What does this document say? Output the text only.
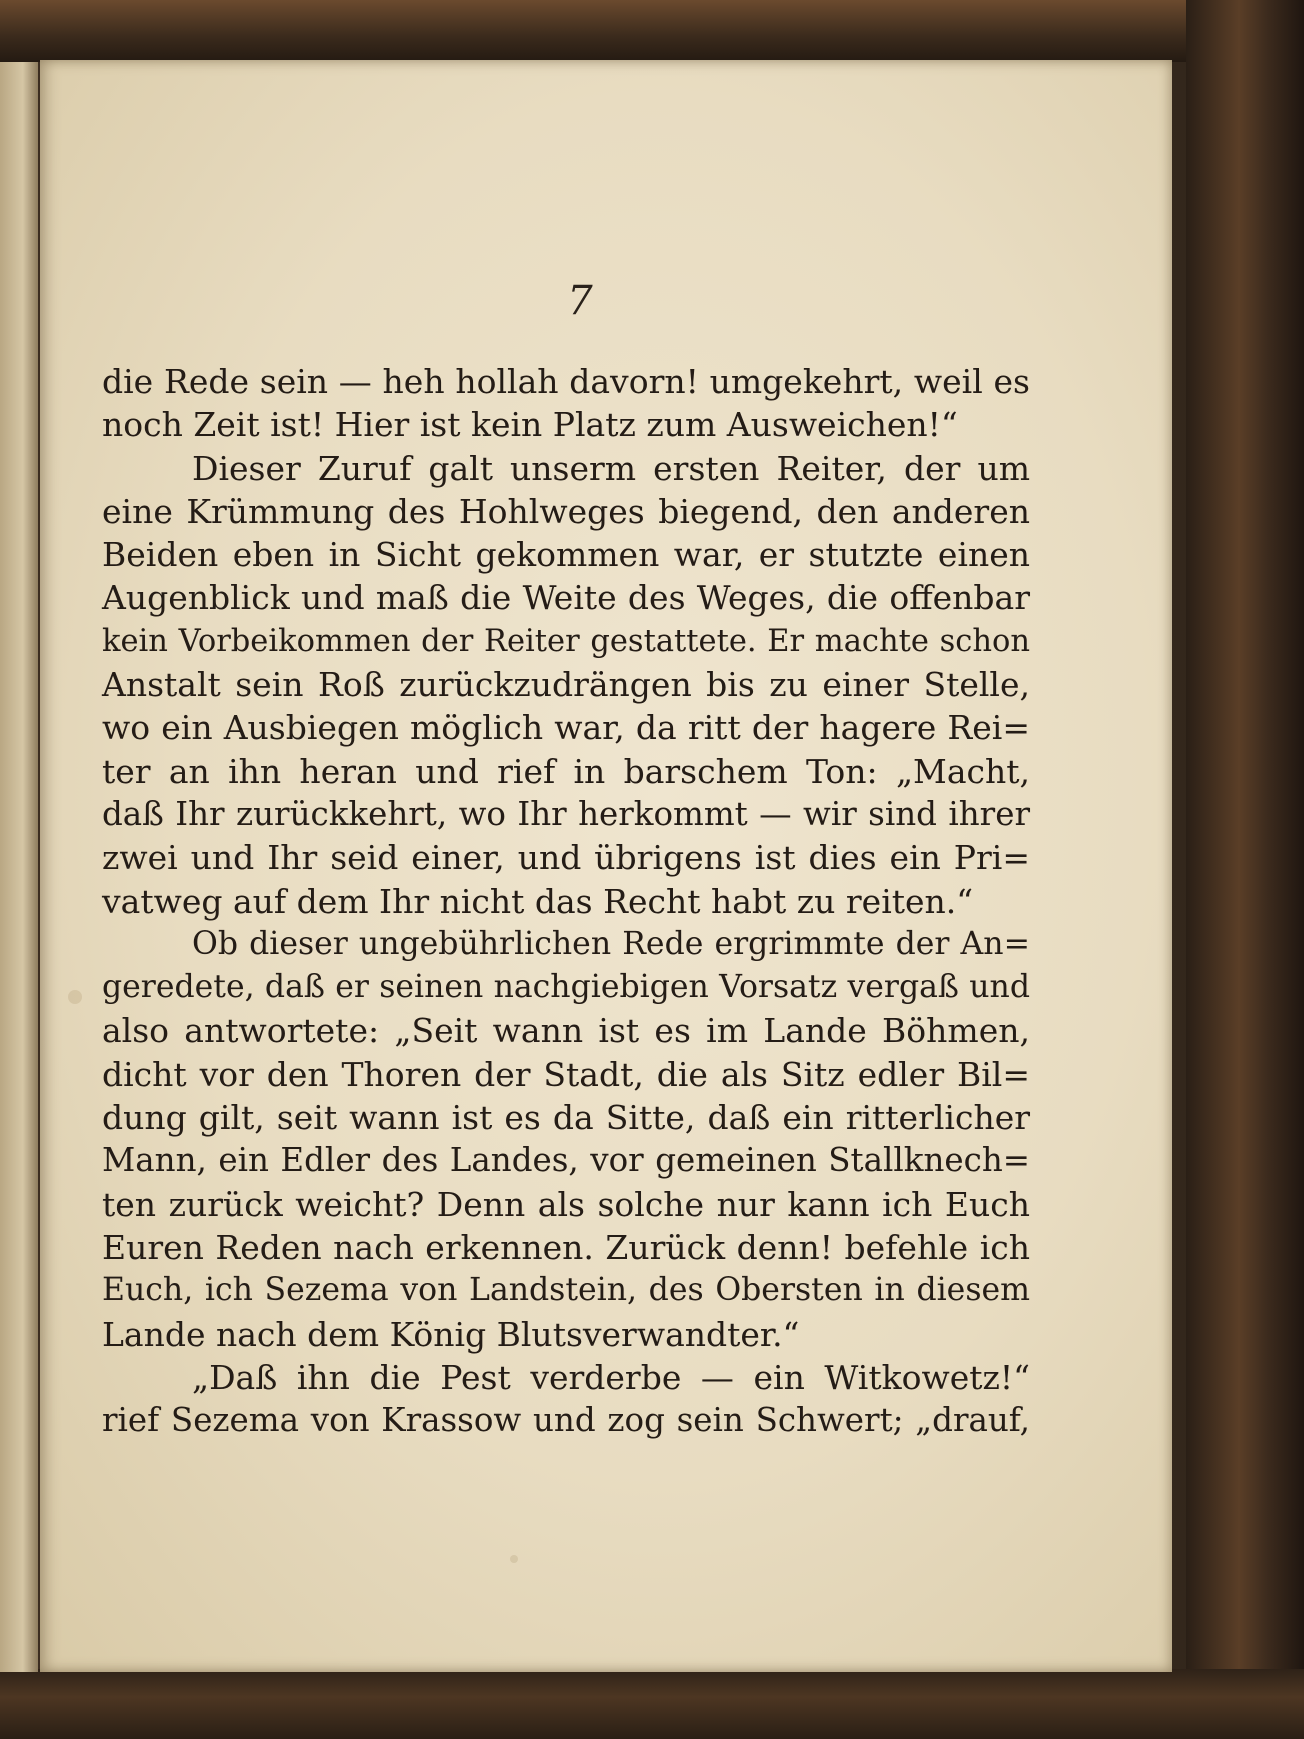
7
die Rede sein — heh hollah davorn! umgekehrt, weil es
noch Zeit ist! Hier ist kein Platz zum Ausweichen!“
Dieser Zuruf galt unserm ersten Reiter, der um
eine Krümmung des Hohlweges biegend, den anderen
Beiden eben in Sicht gekommen war, er stutzte einen
Augenblick und maß die Weite des Weges, die offenbar
kein Vorbeikommen der Reiter gestattete. Er machte schon
Anstalt sein Roß zurückzudrängen bis zu einer Stelle,
wo ein Ausbiegen möglich war, da ritt der hagere Rei=
ter an ihn heran und rief in barschem Ton: „Macht,
daß Ihr zurückkehrt, wo Ihr herkommt — wir sind ihrer
zwei und Ihr seid einer, und übrigens ist dies ein Pri=
vatweg auf dem Ihr nicht das Recht habt zu reiten.“
Ob dieser ungebührlichen Rede ergrimmte der An=
geredete, daß er seinen nachgiebigen Vorsatz vergaß und
also antwortete: „Seit wann ist es im Lande Böhmen,
dicht vor den Thoren der Stadt, die als Sitz edler Bil=
dung gilt, seit wann ist es da Sitte, daß ein ritterlicher
Mann, ein Edler des Landes, vor gemeinen Stallknech=
ten zurück weicht? Denn als solche nur kann ich Euch
Euren Reden nach erkennen. Zurück denn! befehle ich
Euch, ich Sezema von Landstein, des Obersten in diesem
Lande nach dem König Blutsverwandter.“
„Daß ihn die Pest verderbe — ein Witkowetz!“
rief Sezema von Krassow und zog sein Schwert; „drauf,
